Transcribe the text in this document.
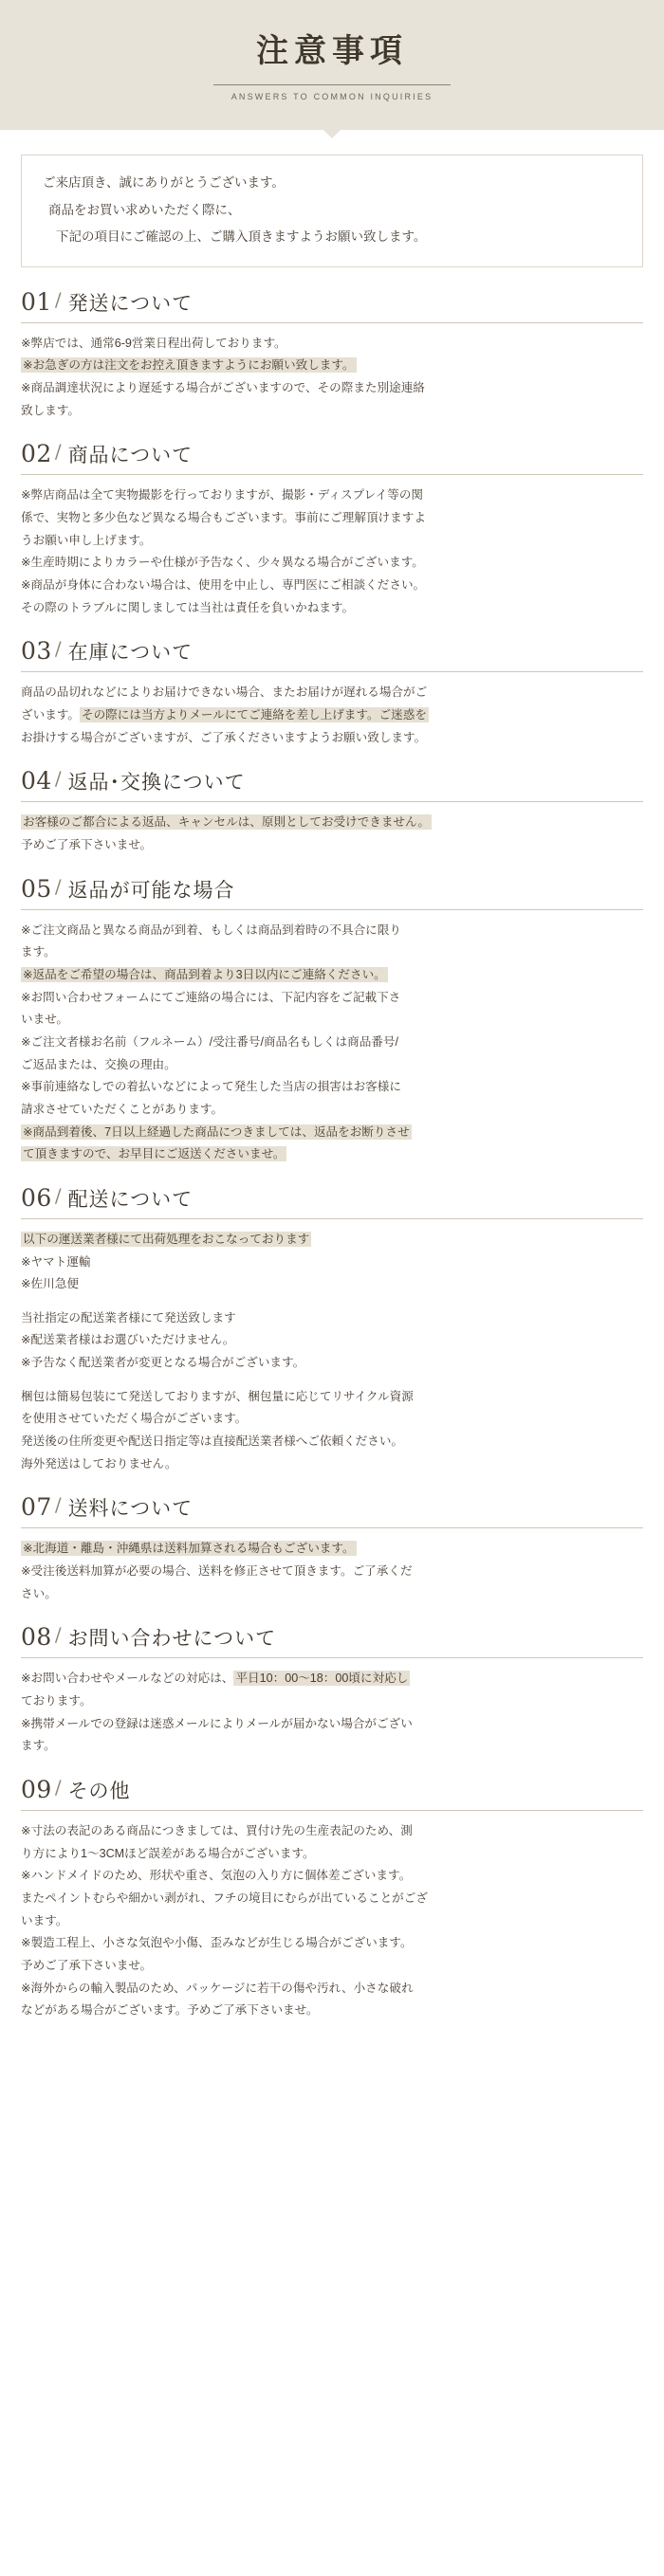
注意事項
ANSWERS TO COMMON INQUIRIES

ご来店頂き、誠にありがとうございます。

商品をお買い求めいただく際に、

下記の項目にご確認の上、ご購入頂きますようお願い致します。

01 / 発送について

※弊店では、通常6-9営業日程出荷しております。

※お急ぎの方は注文をお控え頂きますようにお願い致します。

※商品調達状況により遅延する場合がございますので、その際また別途連絡

致します。

02 / 商品について

※弊店商品は全て実物撮影を行っておりますが、撮影・ディスプレイ等の関

係で、実物と多少色など異なる場合もございます。事前にご理解頂けますよ

うお願い申し上げます。

※生産時期によりカラーや仕様が予告なく、少々異なる場合がございます。

※商品が身体に合わない場合は、使用を中止し、専門医にご相談ください。

その際のトラブルに関しましては当社は責任を負いかねます。

03 / 在庫について

商品の品切れなどによりお届けできない場合、またお届けが遅れる場合がご

ざいます。 その際には当方よりメールにてご連絡を差し上げます。ご迷惑を

お掛けする場合がございますが、ご了承くださいますようお願い致します。

04 / 返品･交換について

お客様のご都合による返品、キャンセルは、原則としてお受けできません。

予めご了承下さいませ。

05 / 返品が可能な場合

※ご注文商品と異なる商品が到着、もしくは商品到着時の不具合に限り

ます。

※返品をご希望の場合は、商品到着より3日以内にご連絡ください。

※お問い合わせフォームにてご連絡の場合には、下記内容をご記載下さ

いませ。

※ご注文者様お名前（フルネーム）/受注番号/商品名もしくは商品番号/

ご返品または、交換の理由。

※事前連絡なしでの着払いなどによって発生した当店の損害はお客様に

請求させていただくことがあります。

※商品到着後、7日以上経過した商品につきましては、返品をお断りさせ

て頂きますので、お早目にご返送くださいませ。

06 / 配送について

以下の運送業者様にて出荷処理をおこなっております

※ヤマト運輸

※佐川急便

当社指定の配送業者様にて発送致します

※配送業者様はお選びいただけません。

※予告なく配送業者が変更となる場合がございます。

梱包は簡易包装にて発送しておりますが、梱包量に応じてリサイクル資源

を使用させていただく場合がございます。

発送後の住所変更や配送日指定等は直接配送業者様へご依頼ください。

海外発送はしておりません。

07 / 送料について

※北海道・離島・沖縄県は送料加算される場合もございます。

※受注後送料加算が必要の場合、送料を修正させて頂きます。ご了承くだ

さい。

08 / お問い合わせについて

※お問い合わせやメールなどの対応は、 平日10：00～18：00頃に対応し

ております。

※携帯メールでの登録は迷惑メールによりメールが届かない場合がござい

ます。

09 / その他

※寸法の表記のある商品につきましては、買付け先の生産表記のため、測

り方により1～3CMほど誤差がある場合がございます。

※ハンドメイドのため、形状や重さ、気泡の入り方に個体差ございます。

またペイントむらや細かい剥がれ、フチの境目にむらが出ていることがござ

います。

※製造工程上、小さな気泡や小傷、歪みなどが生じる場合がございます。

予めご了承下さいませ。

※海外からの輸入製品のため、パッケージに若干の傷や汚れ、小さな破れ

などがある場合がございます。予めご了承下さいませ。
